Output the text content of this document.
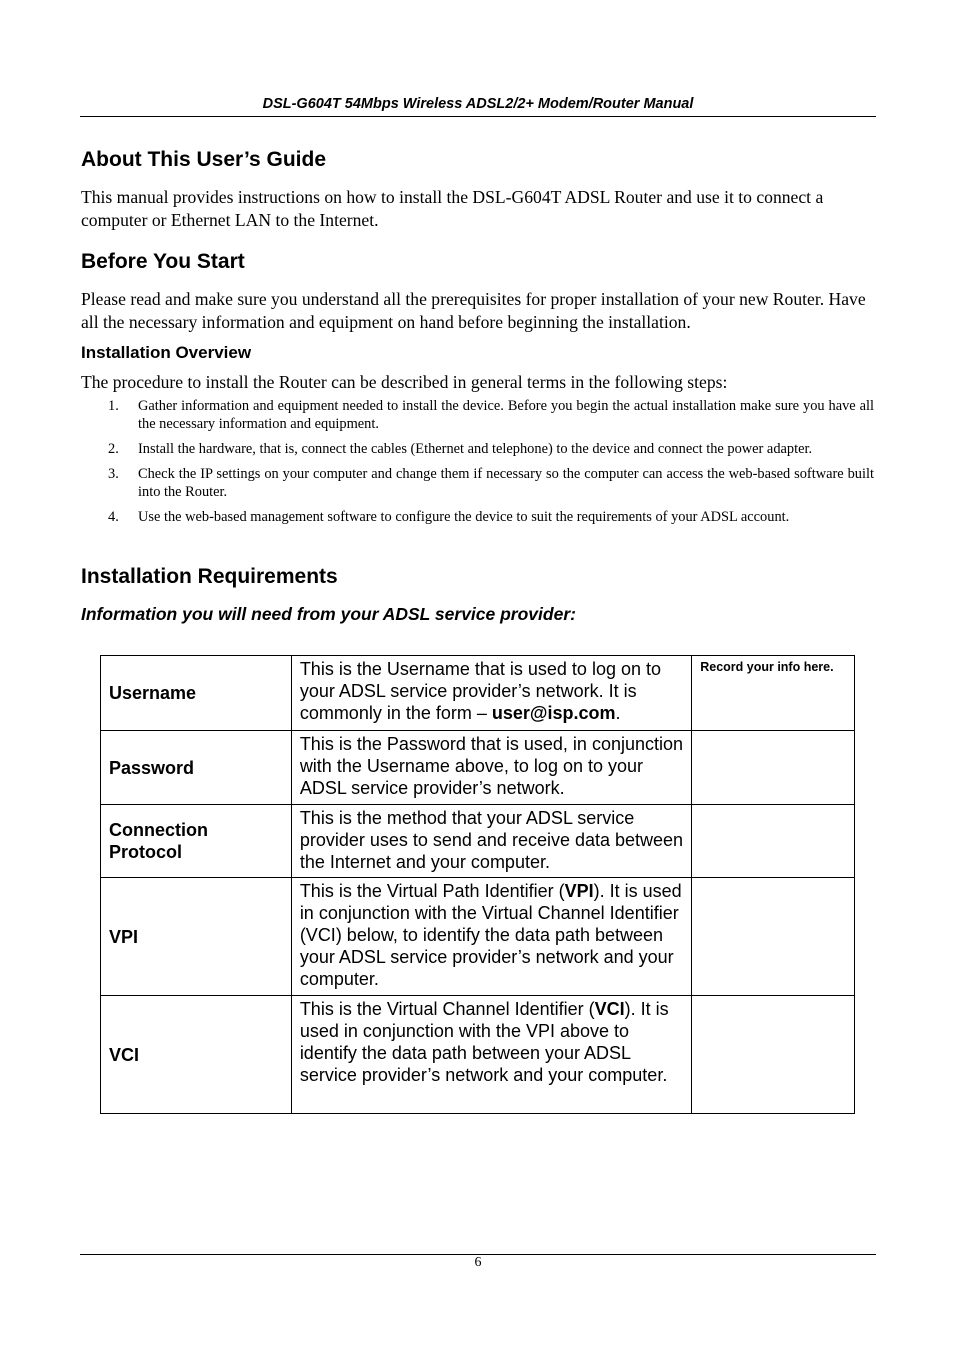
DSL-G604T 54Mbps Wireless ADSL2/2+ Modem/Router Manual
About This User’s Guide

This manual provides instructions on how to install the DSL-G604T ADSL Router and use it to connect a computer or Ethernet LAN to the Internet.

Before You Start

Please read and make sure you understand all the prerequisites for proper installation of your new Router. Have all the necessary information and equipment on hand before beginning the installation.

Installation Overview

The procedure to install the Router can be described in general terms in the following steps:

1.	Gather information and equipment needed to install the device. Before you begin the actual installation make sure you have all the necessary information and equipment.
2.	Install the hardware, that is, connect the cables (Ethernet and telephone) to the device and connect the power adapter.
3.	Check the IP settings on your computer and change them if necessary so the computer can access the web-based software built into the Router.
4.	Use the web-based management software to configure the device to suit the requirements of your ADSL account.
Installation Requirements
Information you will need from your ADSL service provider:
Username	This is the Username that is used to log on to your ADSL service provider’s network. It is commonly in the form – user@isp.com.	Record your info here.
Password	This is the Password that is used, in conjunction with the Username above, to log on to your ADSL service provider’s network.	
Connection Protocol	This is the method that your ADSL service provider uses to send and receive data between the Internet and your computer.	
VPI	This is the Virtual Path Identifier (VPI). It is used in conjunction with the Virtual Channel Identifier (VCI) below, to identify the data path between your ADSL service provider’s network and your computer.	
VCI	This is the Virtual Channel Identifier (VCI). It is used in conjunction with the VPI above to identify the data path between your ADSL service provider’s network and your computer.	
6
